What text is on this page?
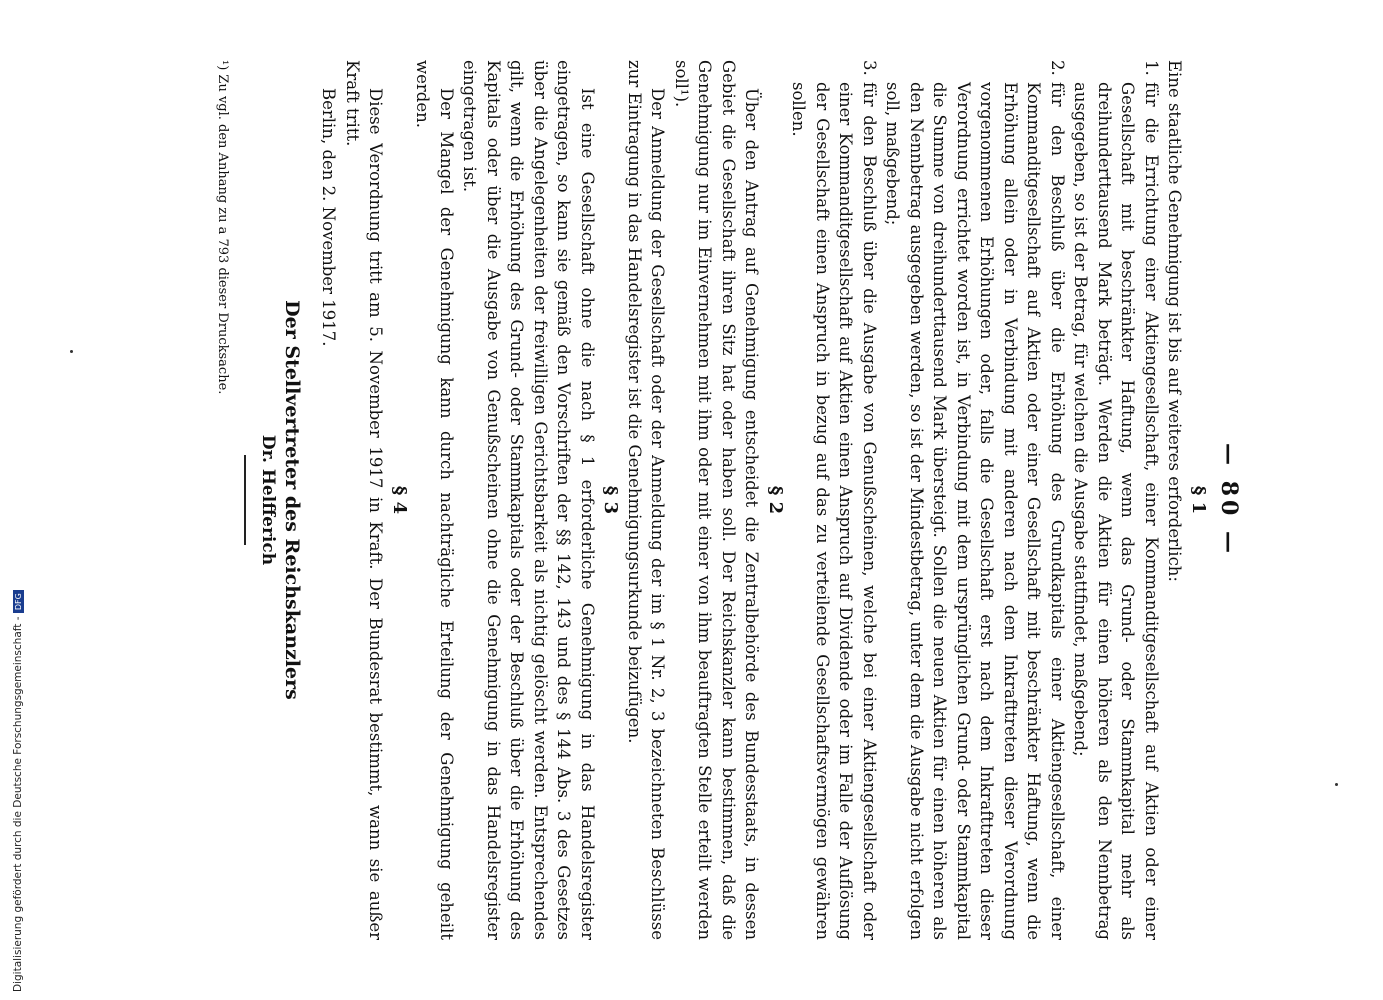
— 80 —

§ 1

Eine staatliche Genehmigung ist bis auf weiteres erforderlich:

1.
für die Errichtung einer Aktiengesellschaft, einer Kommanditgesellschaft auf Aktien oder einer Gesellschaft mit beschränkter Haftung, wenn das Grund- oder Stammkapital mehr als dreihunderttausend Mark beträgt. Werden die Aktien für einen höheren als den Nennbetrag ausgegeben, so ist der Betrag, für welchen die Ausgabe stattfindet, maßgebend;
2.
für den Beschluß über die Erhöhung des Grundkapitals einer Aktiengesellschaft, einer Kommanditgesellschaft auf Aktien oder einer Gesellschaft mit beschränkter Haftung, wenn die Erhöhung allein oder in Verbindung mit anderen nach dem Inkrafttreten dieser Verordnung vorgenommenen Erhöhungen oder, falls die Gesellschaft erst nach dem Inkrafttreten dieser Verordnung errichtet worden ist, in Verbindung mit dem ursprünglichen Grund- oder Stammkapital die Summe von dreihunderttausend Mark übersteigt. Sollen die neuen Aktien für einen höheren als den Nennbetrag ausgegeben werden, so ist der Mindestbetrag, unter dem die Ausgabe nicht erfolgen soll, maßgebend;
3.
für den Beschluß über die Ausgabe von Genußscheinen, welche bei einer Aktiengesellschaft oder einer Kommanditgesellschaft auf Aktien einen Anspruch auf Dividende oder im Falle der Auflösung der Gesellschaft einen Anspruch in bezug auf das zu verteilende Gesellschaftsvermögen gewähren sollen.

§ 2

Über den Antrag auf Genehmigung entscheidet die Zentralbehörde des Bundesstaats, in dessen Gebiet die Gesellschaft ihren Sitz hat oder haben soll. Der Reichskanzler kann bestimmen, daß die Genehmigung nur im Einvernehmen mit ihm oder mit einer von ihm beauftragten Stelle erteilt werden soll¹).

Der Anmeldung der Gesellschaft oder der Anmeldung der im § 1 Nr. 2, 3 bezeichneten Beschlüsse zur Eintragung in das Handelsregister ist die Genehmigungsurkunde beizufügen.

§ 3

Ist eine Gesellschaft ohne die nach § 1 erforderliche Genehmigung in das Handelsregister eingetragen, so kann sie gemäß den Vorschriften der §§ 142, 143 und des § 144 Abs. 3 des Gesetzes über die Angelegenheiten der freiwilligen Gerichtsbarkeit als nichtig gelöscht werden. Entsprechendes gilt, wenn die Erhöhung des Grund- oder Stammkapitals oder der Beschluß über die Erhöhung des Kapitals oder über die Ausgabe von Genußscheinen ohne die Genehmigung in das Handelsregister eingetragen ist.

Der Mangel der Genehmigung kann durch nachträgliche Erteilung der Genehmigung geheilt werden.

§ 4

Diese Verordnung tritt am 5. November 1917 in Kraft. Der Bundesrat bestimmt, wann sie außer Kraft tritt.

Berlin, den 2. November 1917.

Der Stellvertreter des Reichskanzlers

Dr. Helfferich

¹) Zu vgl. den Anhang zu a 793 dieser Drucksache.

Digitalisierung gefördert durch die Deutsche Forschungsgemeinschaft - DFG
